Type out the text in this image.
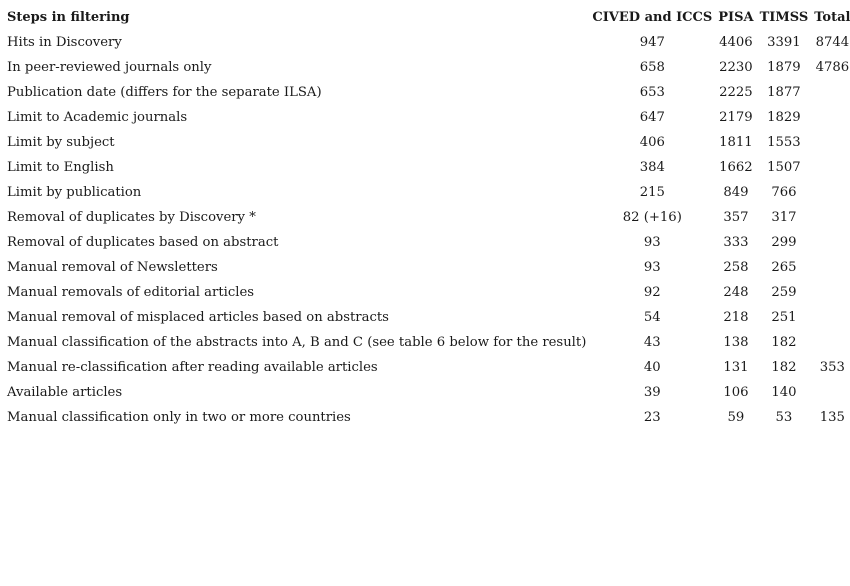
Steps in filtering	CIVED and ICCS	PISA	TIMSS	Total
Hits in Discovery	947	4406	3391	8744
In peer-reviewed journals only	658	2230	1879	4786
Publication date (differs for the separate ILSA)	653	2225	1877	
Limit to Academic journals	647	2179	1829	
Limit by subject	406	1811	1553	
Limit to English	384	1662	1507	
Limit by publication	215	849	766	
Removal of duplicates by Discovery *	82 (+16)	357	317	
Removal of duplicates based on abstract	93	333	299	
Manual removal of Newsletters	93	258	265	
Manual removals of editorial articles	92	248	259	
Manual removal of misplaced articles based on abstracts	54	218	251	
Manual classification of the abstracts into A, B and C (see table 6 below for the result)	43	138	182	
Manual re-classification after reading available articles	40	131	182	353
Available articles	39	106	140	
Manual classification only in two or more countries	23	59	53	135
